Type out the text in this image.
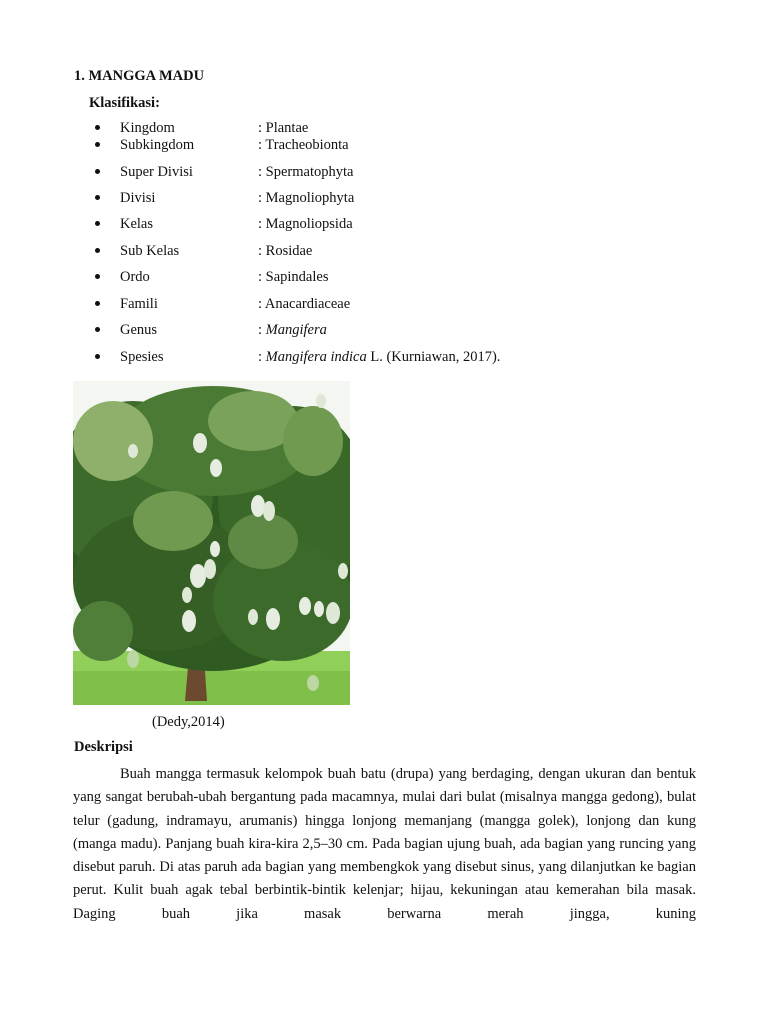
1. MANGGA MADU
Klasifikasi:
Kingdom	: Plantae
Subkingdom	: Tracheobionta
Super Divisi	: Spermatophyta
Divisi	: Magnoliophyta
Kelas	: Magnoliopsida
Sub Kelas	: Rosidae
Ordo	: Sapindales
Famili	: Anacardiaceae
Genus	: Mangifera
Spesies	: Mangifera indica L. (Kurniawan, 2017).
(Dedy,2014)
Deskripsi

Buah mangga termasuk kelompok buah batu (drupa) yang berdaging, dengan ukuran dan bentuk yang sangat berubah-ubah bergantung pada macamnya, mulai dari bulat (misalnya mangga gedong), bulat telur (gadung, indramayu, arumanis) hingga lonjong memanjang (mangga golek), lonjong dan kung (manga madu). Panjang buah kira-kira 2,5–30 cm. Pada bagian ujung buah, ada bagian yang runcing yang disebut paruh. Di atas paruh ada bagian yang membengkok yang disebut sinus, yang dilanjutkan ke bagian perut. Kulit buah agak tebal berbintik-bintik kelenjar; hijau, kekuningan atau kemerahan bila masak. Daging buah jika masak berwarna merah jingga, kuning
